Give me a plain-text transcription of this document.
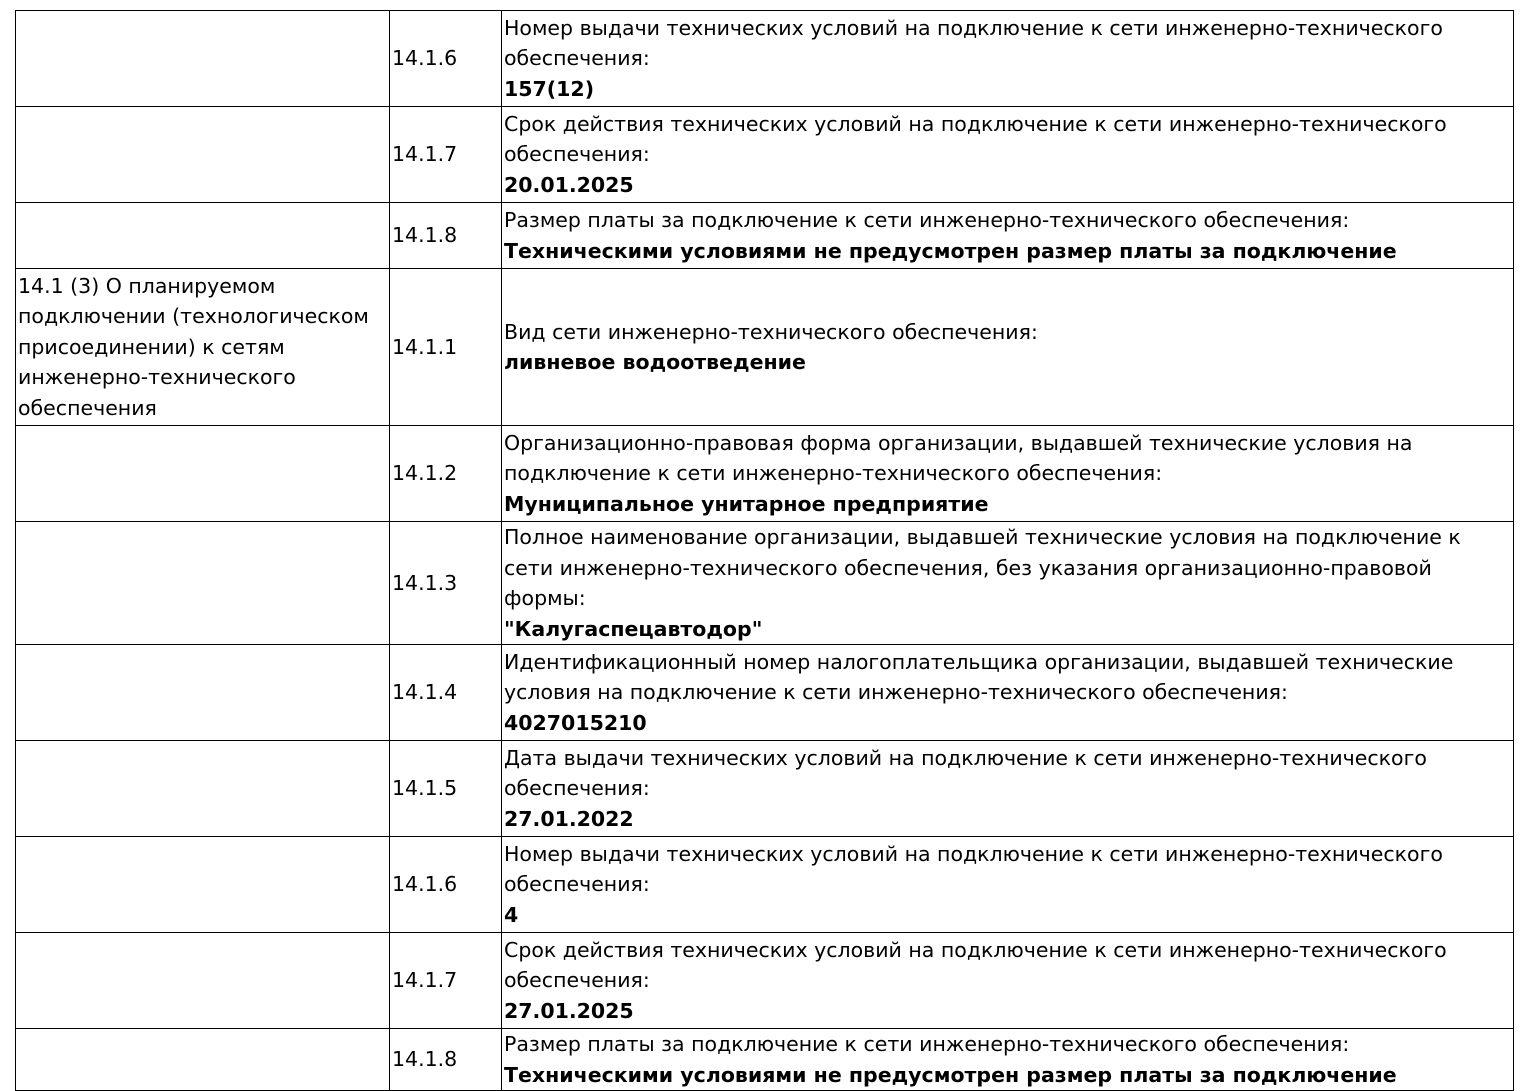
	14.1.6	Номер выдачи технических условий на подключение к сети инженерно-технического обеспечения:
157(12)

	14.1.7	Срок действия технических условий на подключение к сети инженерно-технического обеспечения:
20.01.2025

	14.1.8	Размер платы за подключение к сети инженерно-технического обеспечения:
Техническими условиями не предусмотрен размер платы за подключение

14.1 (3) О планируемом подключении (технологическом присоединении) к сетям инженерно-технического обеспечения	14.1.1	Вид сети инженерно-технического обеспечения:
ливневое водоотведение

	14.1.2	Организационно-правовая форма организации, выдавшей технические условия на подключение к сети инженерно-технического обеспечения:
Муниципальное унитарное предприятие

	14.1.3	Полное наименование организации, выдавшей технические условия на подключение к сети инженерно-технического обеспечения, без указания организационно-правовой формы:
"Калугаспецавтодор"

	14.1.4	Идентификационный номер налогоплательщика организации, выдавшей технические условия на подключение к сети инженерно-технического обеспечения:
4027015210

	14.1.5	Дата выдачи технических условий на подключение к сети инженерно-технического обеспечения:
27.01.2022

	14.1.6	Номер выдачи технических условий на подключение к сети инженерно-технического обеспечения:
4

	14.1.7	Срок действия технических условий на подключение к сети инженерно-технического обеспечения:
27.01.2025

	14.1.8	Размер платы за подключение к сети инженерно-технического обеспечения:
Техническими условиями не предусмотрен размер платы за подключение
